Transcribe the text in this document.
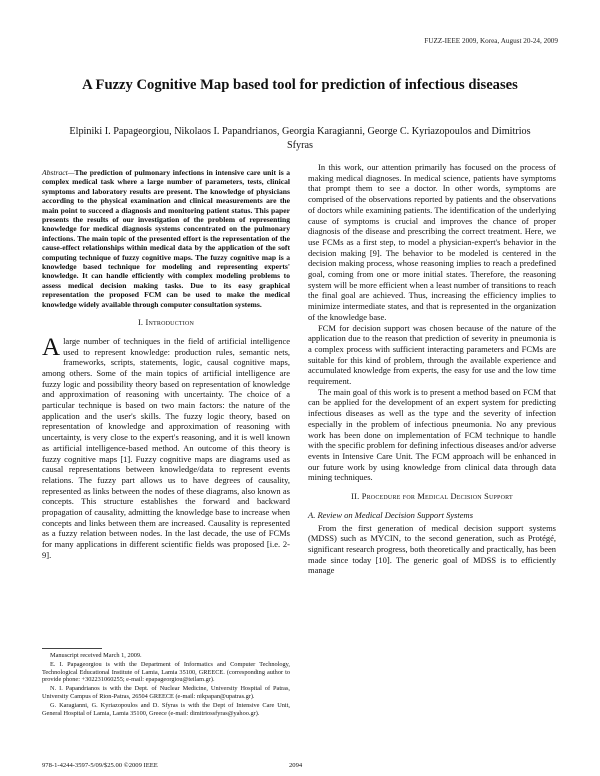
FUZZ-IEEE 2009, Korea, August 20-24, 2009
A Fuzzy Cognitive Map based tool for prediction of infectious diseases
Elpiniki I. Papageorgiou, Nikolaos I. Papandrianos, Georgia Karagianni, George C. Kyriazopoulos and Dimitrios Sfyras
Abstract—The prediction of pulmonary infections in intensive care unit is a complex medical task where a large number of parameters, tests, clinical symptoms and laboratory results are present. The knowledge of physicians according to the physical examination and clinical measurements are the main point to succeed a diagnosis and monitoring patient status. This paper presents the results of our investigation of the problem of representing knowledge for medical diagnosis systems concentrated on the pulmonary infections. The main topic of the presented effort is the representation of the cause-effect relationships within medical data by the application of the soft computing technique of fuzzy cognitive maps. The fuzzy cognitive map is a knowledge based technique for modeling and representing experts' knowledge. It can handle efficiently with complex modeling problems to assess medical decision making tasks. Due to its easy graphical representation the proposed FCM can be used to make the medical knowledge widely available through computer consultation systems.
I. Introduction

Alarge number of techniques in the field of artificial intelligence used to represent knowledge: production rules, semantic nets, frameworks, scripts, statements, logic, causal cognitive maps, among others. Some of the main topics of artificial intelligence are fuzzy logic and possibility theory based on representation of knowledge and approximation of reasoning with uncertainty. The choice of a particular technique is based on two main factors: the nature of the application and the user's skills. The fuzzy logic theory, based on representation of knowledge and approximation of reasoning with uncertainty, is very close to the expert's reasoning, and it is well known as artificial intelligence-based method. An outcome of this theory is fuzzy cognitive maps [1]. Fuzzy cognitive maps are diagrams used as causal representations between knowledge/data to represent events relations. The fuzzy part allows us to have degrees of causality, represented as links between the nodes of these diagrams, also known as concepts. This structure establishes the forward and backward propagation of causality, admitting the knowledge base to increase when concepts and links between them are increased. Causality is represented as a fuzzy relation between nodes. In the last decade, the use of FCMs for many applications in different scientific fields was proposed [i.e. 2-9].

In this work, our attention primarily has focused on the process of making medical diagnoses. In medical science, patients have symptoms that prompt them to see a doctor. In other words, symptoms are comprised of the observations reported by patients and the observations of doctors while examining patients. The identification of the underlying cause of symptoms is crucial and improves the chance of proper diagnosis of the disease and prescribing the correct treatment. Here, we use FCMs as a first step, to model a physician-expert's behavior in the decision making [9]. The behavior to be modeled is centered in the decision making process, whose reasoning implies to reach a predefined goal, coming from one or more initial states. Therefore, the reasoning system will be more efficient when a least number of transitions to reach the final goal are achieved. Thus, increasing the efficiency implies to minimize intermediate states, and that is represented in the organization of the knowledge base.

FCM for decision support was chosen because of the nature of the application due to the reason that prediction of severity in pneumonia is a complex process with sufficient interacting parameters and FCMs are suitable for this kind of problem, through the available experience and accumulated knowledge from experts, the easy for use and the low time requirement.

The main goal of this work is to present a method based on FCM that can be applied for the development of an expert system for predicting infectious diseases as well as the type and the severity of infection especially in the problem of infectious pneumonia. No any previous work has been done on implementation of FCM technique to handle with the specific problem for defining infectious diseases and/or adverse events in Intensive Care Unit. The FCM approach will be enhanced in our future work by using knowledge from clinical data through data mining techniques.

II. Procedure for Medical Decision Support
A. Review on Medical Decision Support Systems

From the first generation of medical decision support systems (MDSS) such as MYCIN, to the second generation, such as Protégé, significant research progress, both theoretically and practically, has been made since today [10]. The generic goal of MDSS is to efficiently manage

Manuscript received March 1, 2009.

E. I. Papageorgiou is with the Department of Informatics and Computer Technology, Technological Educational Institute of Lamia, Lamia 35100, GREECE. (corresponding author to provide phone: +302231060255; e-mail: epapageorgiou@teilam.gr).

N. I. Papandrianos is with the Dept. of Nuclear Medicine, University Hospital of Patras, University Campus of Rion-Patras, 26504 GREECE (e-mail: nikpapan@upatras.gr).

G. Karagianni, G. Kyriazopoulos and D. Sfyras is with the Dept of Intensive Care Unit, General Hospital of Lamia, Lamia 35100, Greece (e-mail: dimitriossfyras@yahoo.gr).

978-1-4244-3597-5/09/$25.00 ©2009 IEEE	2094
